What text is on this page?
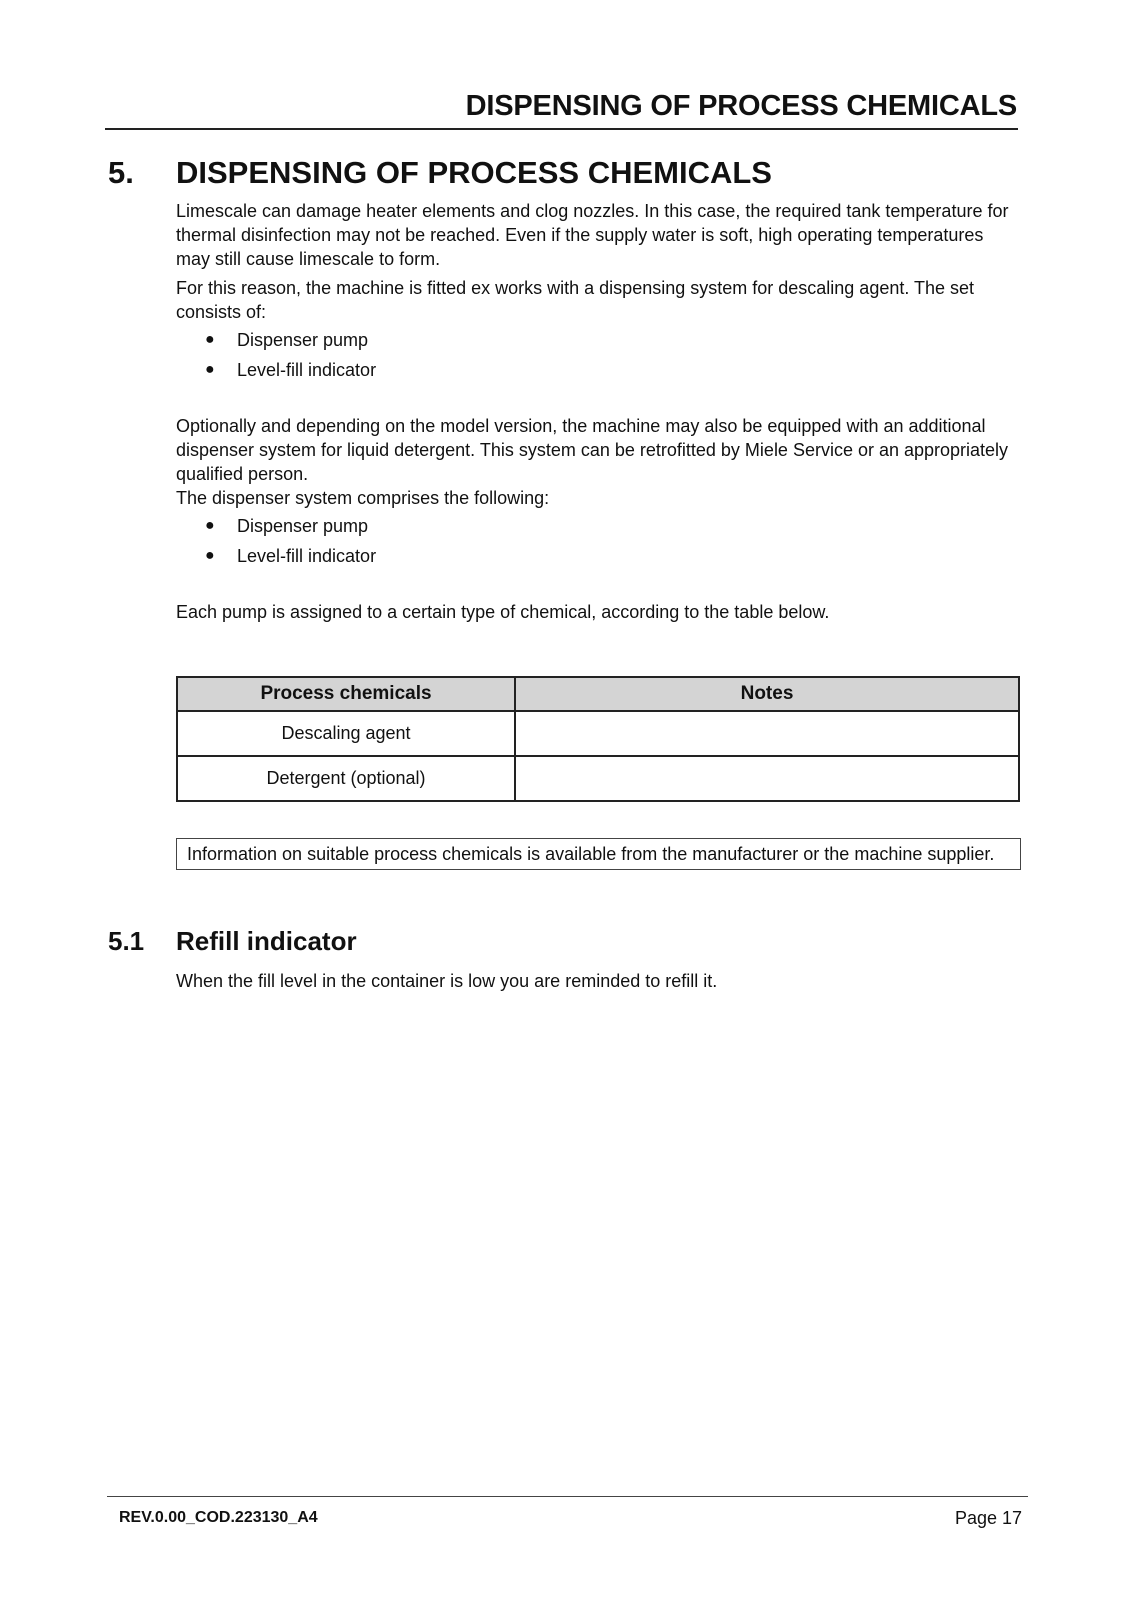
DISPENSING OF PROCESS CHEMICALS
5. DISPENSING OF PROCESS CHEMICALS

Limescale can damage heater elements and clog nozzles. In this case, the required tank temperature for thermal disinfection may not be reached. Even if the supply water is soft, high operating temperatures may still cause limescale to form.

For this reason, the machine is fitted ex works with a dispensing system for descaling agent. The set consists of:

● Dispenser pump
● Level-fill indicator

Optionally and depending on the model version, the machine may also be equipped with an additional dispenser system for liquid detergent. This system can be retrofitted by Miele Service or an appropriately qualified person.

The dispenser system comprises the following:

● Dispenser pump
● Level-fill indicator

Each pump is assigned to a certain type of chemical, according to the table below.

Process chemicals	Notes
Descaling agent	
Detergent (optional)	
Information on suitable process chemicals is available from the manufacturer or the machine supplier.
5.1 Refill indicator

When the fill level in the container is low you are reminded to refill it.

REV.0.00_COD.223130_A4	Page 17
